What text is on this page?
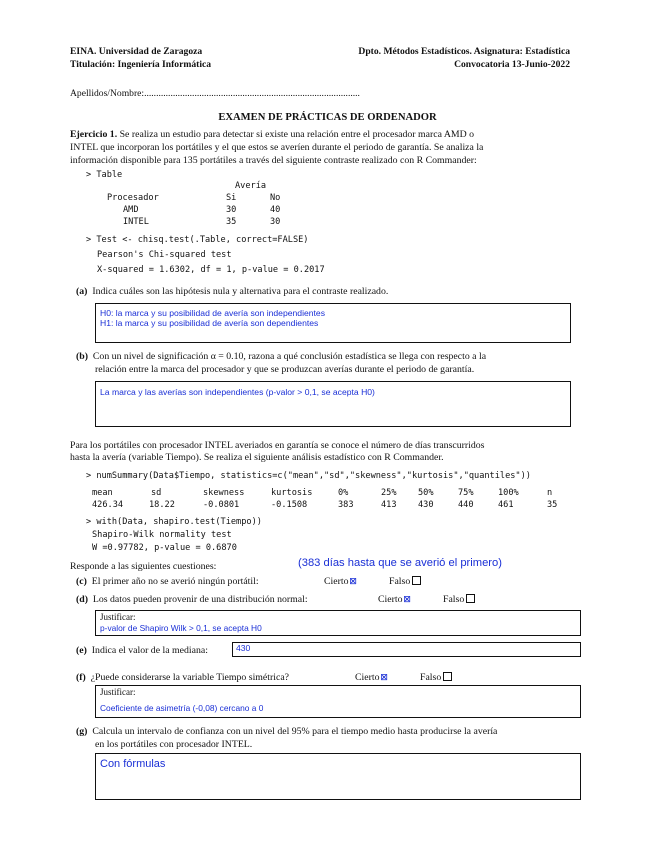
EINA. Universidad de Zaragoza
Titulación: Ingeniería Informática
Dpto. Métodos Estadísticos. Asignatura: Estadística
Convocatoria 13-Junio-2022
Apellidos/Nombre:..........................................................................................
EXAMEN DE PRÁCTICAS DE ORDENADOR
Ejercicio 1. Se realiza un estudio para detectar si existe una relación entre el procesador marca AMD o
INTEL que incorporan los portátiles y el que estos se averíen durante el periodo de garantía. Se analiza la
información disponible para 135 portátiles a través del siguiente contraste realizado con R Commander:
> Table
Avería
Procesador	Si	No
AMD	30	40
INTEL	35	30
> Test <- chisq.test(.Table, correct=FALSE)
Pearson's Chi-squared test
X-squared = 1.6302, df = 1, p-value = 0.2017
(a) Indica cuáles son las hipótesis nula y alternativa para el contraste realizado.
H0: la marca y su posibilidad de avería son independientes
H1: la marca y su posibilidad de avería son dependientes
(b) Con un nivel de significación α = 0.10, razona a qué conclusión estadística se llega con respecto a la
relación entre la marca del procesador y que se produzcan averías durante el periodo de garantía.
La marca y las averías son independientes (p-valor > 0,1, se acepta H0)
Para los portátiles con procesador INTEL averiados en garantía se conoce el número de días transcurridos
hasta la avería (variable Tiempo). Se realiza el siguiente análisis estadístico con R Commander.
> numSummary(Data$Tiempo, statistics=c("mean","sd","skewness","kurtosis","quantiles"))
mean	sd	skewness	kurtosis	0%	25% 50%	75%	100%	n
426.34	18.22	-0.0801	-0.1508	383	413 430	440	461	35
> with(Data, shapiro.test(Tiempo))
Shapiro-Wilk normality test
W =0.97782, p-value = 0.6870
Responde a las siguientes cuestiones:	(383 días hasta que se averió el primero)
(c) El primer año no se averió ningún portátil:	Cierto☒	Falso
(d) Los datos pueden provenir de una distribución normal:	Cierto☒	Falso
Justificar:
p-valor de Shapiro Wilk > 0,1, se acepta H0
(e) Indica el valor de la mediana:	430
(f) ¿Puede considerarse la variable Tiempo simétrica?	Cierto☒	Falso
Justificar:
Coeficiente de asimetría (-0,08) cercano a 0
(g) Calcula un intervalo de confianza con un nivel del 95% para el tiempo medio hasta producirse la avería
en los portátiles con procesador INTEL.
Con fórmulas
